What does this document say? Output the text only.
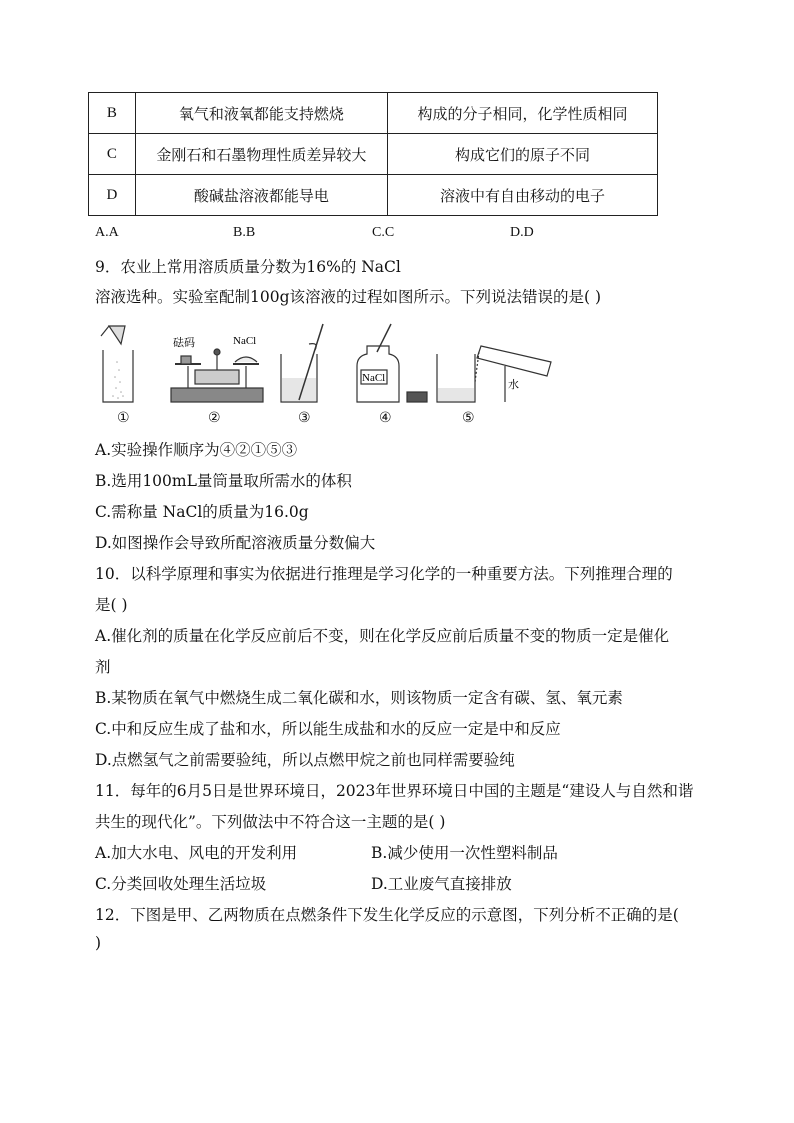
B	氧气和液氧都能支持燃烧	构成的分子相同，化学性质相同
C	金刚石和石墨物理性质差异较大	构成它们的原子不同
D	酸碱盐溶液都能导电	溶液中有自由移动的电子
A.A	B.B	C.C	D.D
9．农业上常用溶质质量分数为16%的 NaCl
溶液选种。实验室配制100g该溶液的过程如图所示。下列说法错误的是( )
砝码	NaCl
NaCl
水
①	②	③	④	⑤
A.实验操作顺序为④②①⑤③
B.选用100mL量筒量取所需水的体积
C.需称量 NaCl的质量为16.0g
D.如图操作会导致所配溶液质量分数偏大
10．以科学原理和事实为依据进行推理是学习化学的一种重要方法。下列推理合理的
是( )
A.催化剂的质量在化学反应前后不变，则在化学反应前后质量不变的物质一定是催化
剂
B.某物质在氧气中燃烧生成二氧化碳和水，则该物质一定含有碳、氢、氧元素
C.中和反应生成了盐和水，所以能生成盐和水的反应一定是中和反应
D.点燃氢气之前需要验纯，所以点燃甲烷之前也同样需要验纯
11．每年的6月5日是世界环境日，2023年世界环境日中国的主题是“建设人与自然和谐
共生的现代化”。下列做法中不符合这一主题的是( )
A.加大水电、风电的开发利用	B.减少使用一次性塑料制品
C.分类回收处理生活垃圾	D.工业废气直接排放
12．下图是甲、乙两物质在点燃条件下发生化学反应的示意图，下列分析不正确的是(
)
